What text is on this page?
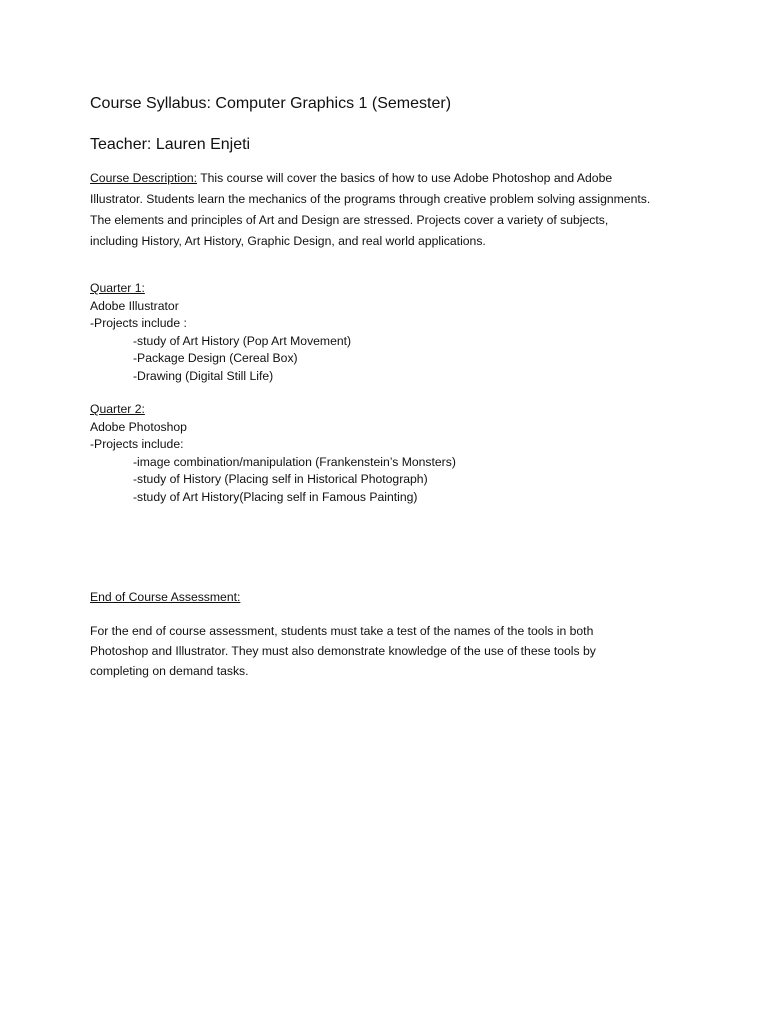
Course Syllabus: Computer Graphics 1 (Semester)
Teacher: Lauren Enjeti
Course Description: This course will cover the basics of how to use Adobe Photoshop and Adobe
Illustrator. Students learn the mechanics of the programs through creative problem solving assignments.
The elements and principles of Art and Design are stressed. Projects cover a variety of subjects,
including History, Art History, Graphic Design, and real world applications.
Quarter 1:
Adobe Illustrator
-Projects include :
-study of Art History (Pop Art Movement)
-Package Design (Cereal Box)
-Drawing (Digital Still Life)
Quarter 2:
Adobe Photoshop
-Projects include:
-image combination/manipulation (Frankenstein’s Monsters)
-study of History (Placing self in Historical Photograph)
-study of Art History(Placing self in Famous Painting)
End of Course Assessment:
For the end of course assessment, students must take a test of the names of the tools in both
Photoshop and Illustrator. They must also demonstrate knowledge of the use of these tools by
completing on demand tasks.
